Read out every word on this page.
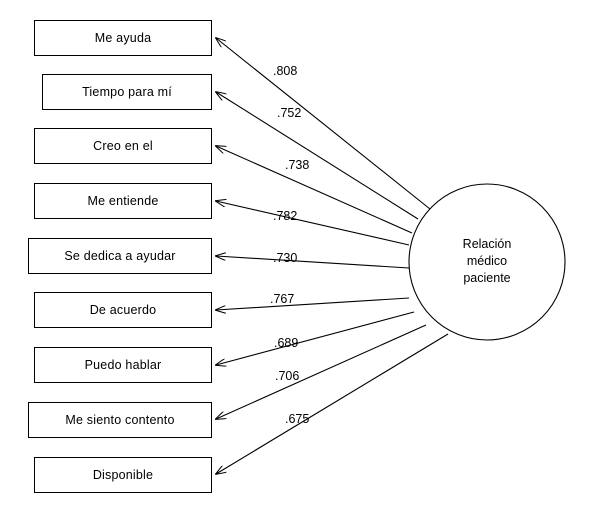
Me ayuda
Tiempo para mí
Creo en el
Me entiende
Se dedica a ayudar
De acuerdo
Puedo hablar
Me siento contento
Disponible
.808
.752
.738
.782
.730
.767
.689
.706
.675
Relación
médico
paciente
